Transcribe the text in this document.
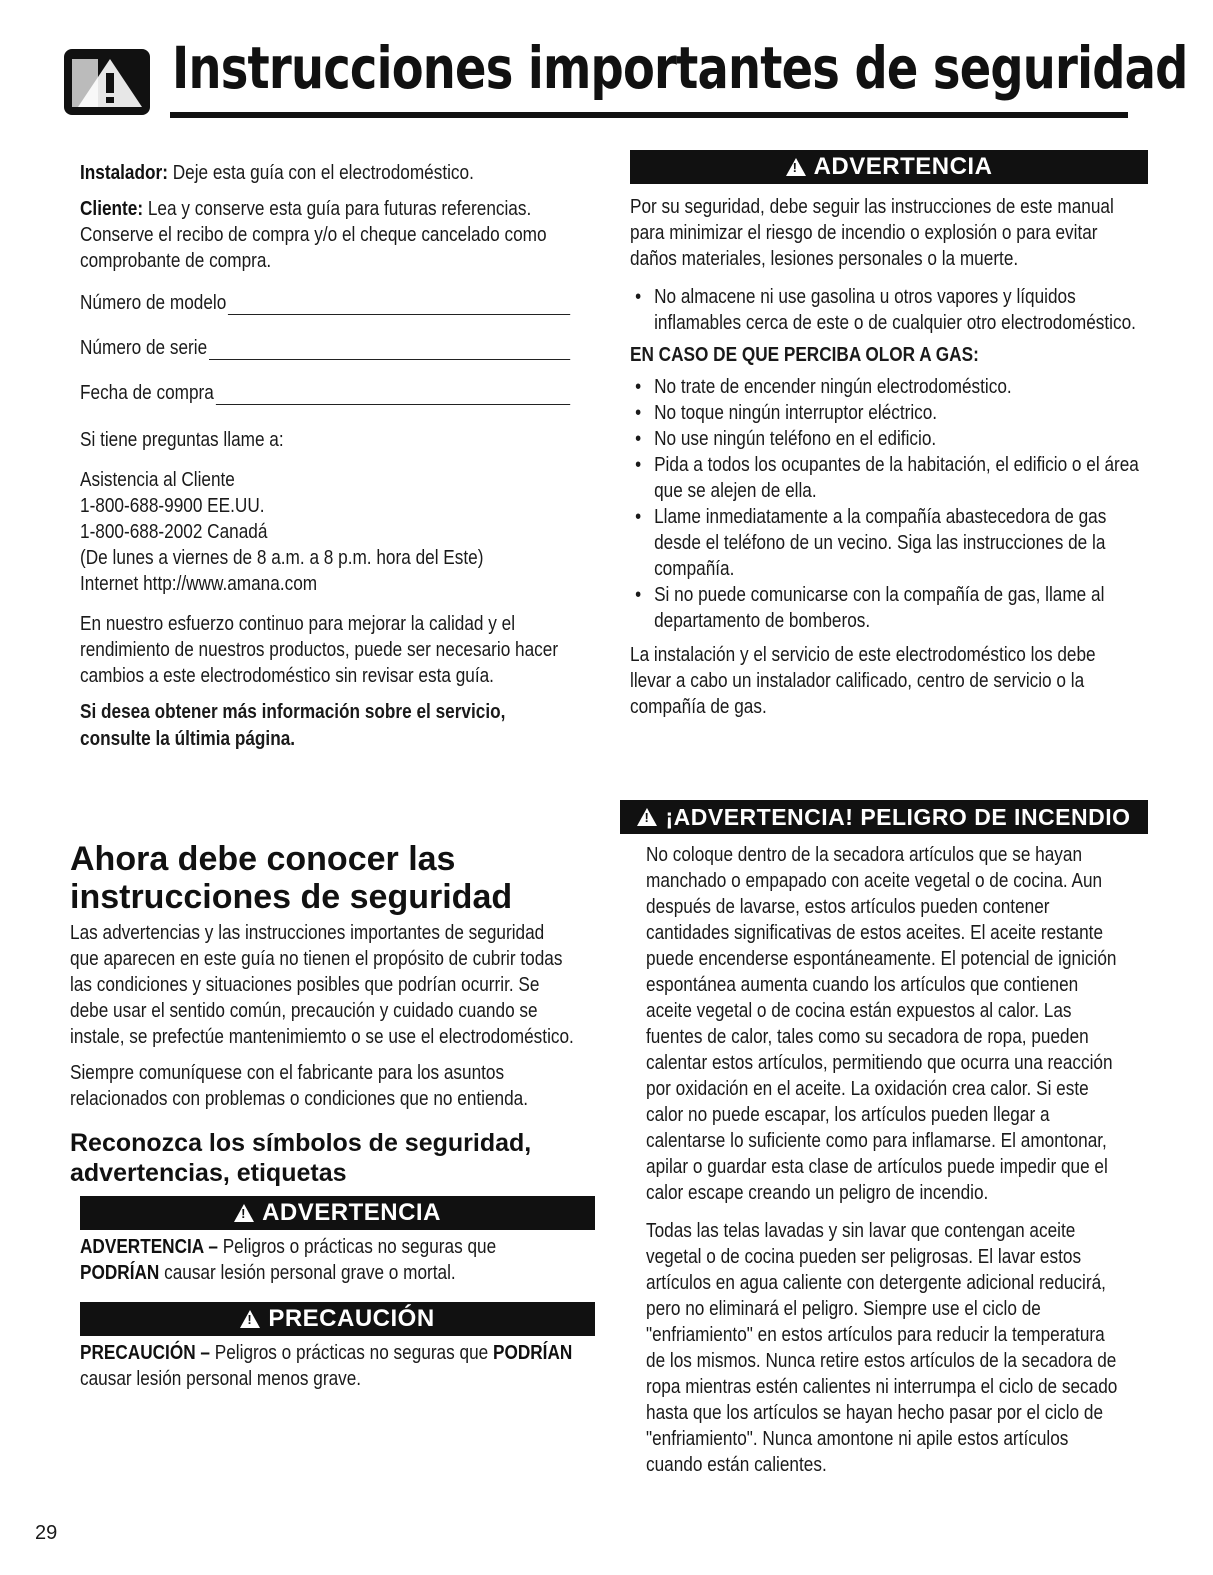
Instrucciones importantes de seguridad

Instalador: Deje esta guía con el electrodoméstico.

Cliente: Lea y conserve esta guía para futuras referencias. Conserve el recibo de compra y/o el cheque cancelado como comprobante de compra.

Número de modelo
Número de serie
Fecha de compra

Si tiene preguntas llame a:

Asistencia al Cliente
1-800-688-9900 EE.UU.
1-800-688-2002 Canadá
(De lunes a viernes de 8 a.m. a 8 p.m. hora del Este)
Internet http://www.amana.com

En nuestro esfuerzo continuo para mejorar la calidad y el rendimiento de nuestros productos, puede ser necesario hacer cambios a este electrodoméstico sin revisar esta guía.

Si desea obtener más información sobre el servicio, consulte la últimia página.

Ahora debe conocer las instrucciones de seguridad

Las advertencias y las instrucciones importantes de seguridad que aparecen en este guía no tienen el propósito de cubrir todas las condiciones y situaciones posibles que podrían ocurrir. Se debe usar el sentido común, precaución y cuidado cuando se instale, se prefectúe mantenimiemto o se use el electrodoméstico.

Siempre comuníquese con el fabricante para los asuntos relacionados con problemas o condiciones que no entienda.

Reconozca los símbolos de seguridad, advertencias, etiquetas
!
ADVERTENCIA

ADVERTENCIA – Peligros o prácticas no seguras que PODRÍAN causar lesión personal grave o mortal.

!
PRECAUCIÓN

PRECAUCIÓN – Peligros o prácticas no seguras que PODRÍAN causar lesión personal menos grave.

!
ADVERTENCIA

Por su seguridad, debe seguir las instrucciones de este manual para minimizar el riesgo de incendio o explosión o para evitar daños materiales, lesiones personales o la muerte.

• No almacene ni use gasolina u otros vapores y líquidos inflamables cerca de este o de cualquier otro electrodoméstico.

EN CASO DE QUE PERCIBA OLOR A GAS:

• No trate de encender ningún electrodoméstico.
• No toque ningún interruptor eléctrico.
• No use ningún teléfono en el edificio.
• Pida a todos los ocupantes de la habitación, el edificio o el área que se alejen de ella.
• Llame inmediatamente a la compañía abastecedora de gas desde el teléfono de un vecino. Siga las instrucciones de la compañía.
• Si no puede comunicarse con la compañía de gas, llame al departamento de bomberos.

La instalación y el servicio de este electrodoméstico los debe llevar a cabo un instalador calificado, centro de servicio o la compañía de gas.

!
¡ADVERTENCIA! PELIGRO DE INCENDIO

No coloque dentro de la secadora artículos que se hayan manchado o empapado con aceite vegetal o de cocina. Aun después de lavarse, estos artículos pueden contener cantidades significativas de estos aceites. El aceite restante puede encenderse espontáneamente. El potencial de ignición espontánea aumenta cuando los artículos que contienen aceite vegetal o de cocina están expuestos al calor. Las fuentes de calor, tales como su secadora de ropa, pueden calentar estos artículos, permitiendo que ocurra una reacción por oxidación en el aceite. La oxidación crea calor. Si este calor no puede escapar, los artículos pueden llegar a calentarse lo suficiente como para inflamarse. El amontonar, apilar o guardar esta clase de artículos puede impedir que el calor escape creando un peligro de incendio.

Todas las telas lavadas y sin lavar que contengan aceite vegetal o de cocina pueden ser peligrosas. El lavar estos artículos en agua caliente con detergente adicional reducirá, pero no eliminará el peligro. Siempre use el ciclo de "enfriamiento" en estos artículos para reducir la temperatura de los mismos. Nunca retire estos artículos de la secadora de ropa mientras estén calientes ni interrumpa el ciclo de secado hasta que los artículos se hayan hecho pasar por el ciclo de "enfriamiento". Nunca amontone ni apile estos artículos cuando están calientes.

29
